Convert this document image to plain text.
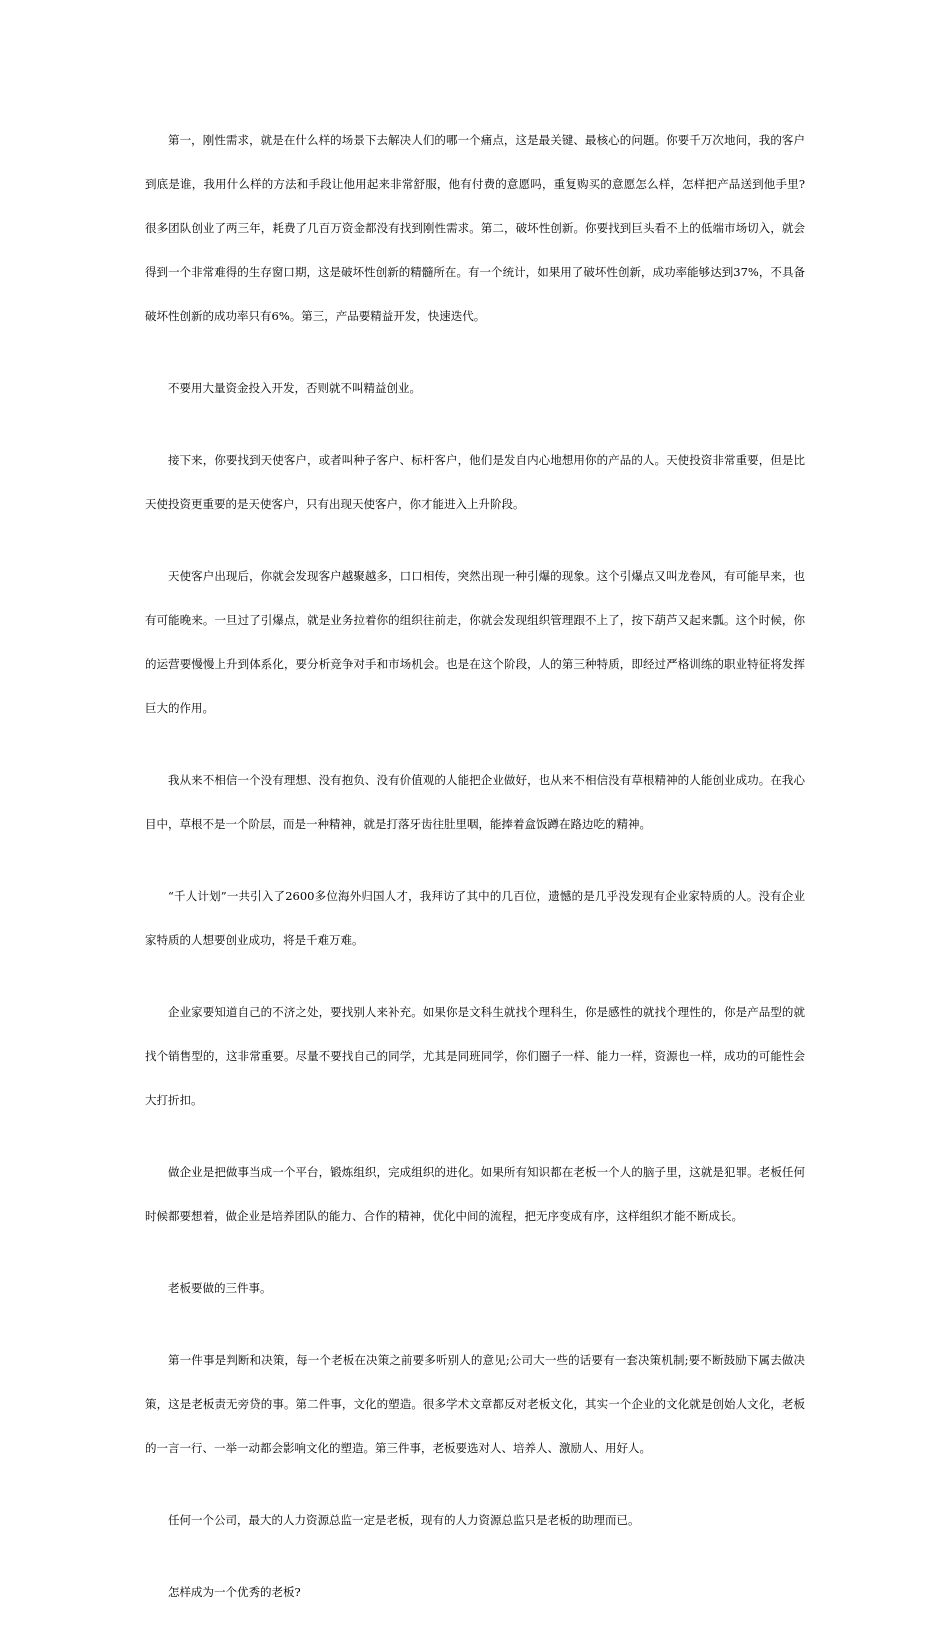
第一，刚性需求，就是在什么样的场景下去解决人们的哪一个痛点，这是最关键、最核心的问题。你要千万次地问，我的客户到底是谁，我用什么样的方法和手段让他用起来非常舒服，他有付费的意愿吗，重复购买的意愿怎么样，怎样把产品送到他手里?很多团队创业了两三年，耗费了几百万资金都没有找到刚性需求。第二，破坏性创新。你要找到巨头看不上的低端市场切入，就会得到一个非常难得的生存窗口期，这是破坏性创新的精髓所在。有一个统计，如果用了破坏性创新，成功率能够达到37%，不具备破坏性创新的成功率只有6%。第三，产品要精益开发，快速迭代。

不要用大量资金投入开发，否则就不叫精益创业。

接下来，你要找到天使客户，或者叫种子客户、标杆客户，他们是发自内心地想用你的产品的人。天使投资非常重要，但是比天使投资更重要的是天使客户，只有出现天使客户，你才能进入上升阶段。

天使客户出现后，你就会发现客户越聚越多，口口相传，突然出现一种引爆的现象。这个引爆点又叫龙卷风，有可能早来，也有可能晚来。一旦过了引爆点，就是业务拉着你的组织往前走，你就会发现组织管理跟不上了，按下葫芦又起来瓢。这个时候，你的运营要慢慢上升到体系化，要分析竞争对手和市场机会。也是在这个阶段，人的第三种特质，即经过严格训练的职业特征将发挥巨大的作用。

我从来不相信一个没有理想、没有抱负、没有价值观的人能把企业做好，也从来不相信没有草根精神的人能创业成功。在我心目中，草根不是一个阶层，而是一种精神，就是打落牙齿往肚里咽，能捧着盒饭蹲在路边吃的精神。

“千人计划”一共引入了2600多位海外归国人才，我拜访了其中的几百位，遗憾的是几乎没发现有企业家特质的人。没有企业家特质的人想要创业成功，将是千难万难。

企业家要知道自己的不济之处，要找别人来补充。如果你是文科生就找个理科生，你是感性的就找个理性的，你是产品型的就找个销售型的，这非常重要。尽量不要找自己的同学，尤其是同班同学，你们圈子一样、能力一样，资源也一样，成功的可能性会大打折扣。

做企业是把做事当成一个平台，锻炼组织，完成组织的进化。如果所有知识都在老板一个人的脑子里，这就是犯罪。老板任何时候都要想着，做企业是培养团队的能力、合作的精神，优化中间的流程，把无序变成有序，这样组织才能不断成长。

老板要做的三件事。

第一件事是判断和决策，每一个老板在决策之前要多听别人的意见;公司大一些的话要有一套决策机制;要不断鼓励下属去做决策，这是老板责无旁贷的事。第二件事，文化的塑造。很多学术文章都反对老板文化，其实一个企业的文化就是创始人文化，老板的一言一行、一举一动都会影响文化的塑造。第三件事，老板要选对人、培养人、激励人、用好人。

任何一个公司，最大的人力资源总监一定是老板，现有的人力资源总监只是老板的助理而已。

怎样成为一个优秀的老板?
